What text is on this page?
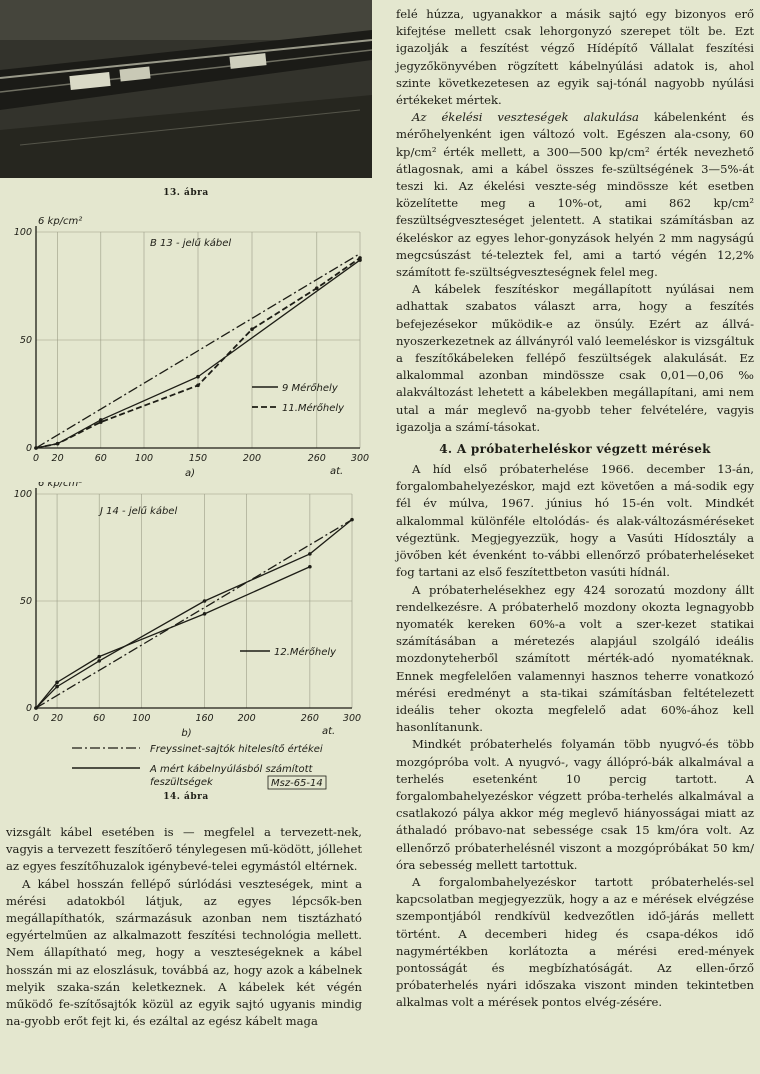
13. ábra
0 20	60	100	150	200	260	300
0
50
100
6 kp/cm²
at.
a)
B 13 - jelű kábel
9 Mérőhely
11.Mérőhely
0 20	60	100	160	200	260	300
0
50
100
6 kp/cm²
at.
b)
J 14 - jelű kábel
12.Mérőhely
Freyssinet-sajtók hitelesítő értékei
A mért kábelnyúlásból számított
feszültségek	Msz-65-14
14. ábra

vizsgált kábel esetében is — megfelel a tervezett-nek, vagyis a tervezett feszítőerő ténylegesen mű-ködött, jóllehet az egyes feszítőhuzalok igénybevé-telei egymástól eltérnek.

A kábel hosszán fellépő súrlódási veszteségek, mint a mérési adatokból látjuk, az egyes lépcsők-ben megállapíthatók, származásuk azonban nem tisztázható egyértelműen az alkalmazott feszítési technológia mellett. Nem állapítható meg, hogy a veszteségeknek a kábel hosszán mi az eloszlásuk, továbbá az, hogy azok a kábelnek melyik szaka-szán keletkeznek. A kábelek két végén működő fe-szítősajtók közül az egyik sajtó ugyanis mindig na-gyobb erőt fejt ki, és ezáltal az egész kábelt maga

felé húzza, ugyanakkor a másik sajtó egy bizonyos erő kifejtése mellett csak lehorgonyzó szerepet tölt be. Ezt igazolják a feszítést végző Hídépítő Vállalat feszítési jegyzőkönyvében rögzített kábelnyúlási adatok is, ahol szinte következetesen az egyik saj-tónál nagyobb nyúlási értékeket mértek.

Az ékelési veszteségek alakulása kábelenként és mérőhelyenként igen változó volt. Egészen ala-csony, 60 kp/cm² érték mellett, a 300—500 kp/cm² érték nevezhető átlagosnak, ami a kábel összes fe-szültségének 3—5%-át teszi ki. Az ékelési veszte-ség mindössze két esetben közelítette meg a 10%-ot, ami 862 kp/cm² feszültségveszteséget jelentett. A statikai számításban az ékeléskor az egyes lehor-gonyzások helyén 2 mm nagyságú megcsúszást té-teleztek fel, ami a tartó végén 12,2% számított fe-szültségveszteségnek felel meg.

A kábelek feszítéskor megállapított nyúlásai nem adhattak szabatos választ arra, hogy a feszítés befejezésekor működik-e az önsúly. Ezért az állvá-nyoszerkezetnek az állványról való leemeléskor is vizsgáltuk a feszítőkábeleken fellépő feszültségek alakulását. Ez alkalommal azonban mindössze csak 0,01—0,06 ‰ alakváltozást lehetett a kábelekben megállapítani, ami nem utal a már meglevő na-gyobb teher felvételére, vagyis igazolja a számí-tásokat.

4. A próbaterheléskor végzett mérések

A híd első próbaterhelése 1966. december 13-án, forgalombahelyezéskor, majd ezt követően a má-sodik egy fél év múlva, 1967. június hó 15-én volt. Mindkét alkalommal különféle eltolódás- és alak-változásméréseket végeztünk. Megjegyezzük, hogy a Vasúti Hídosztály a jövőben két évenként to-vábbi ellenőrző próbaterheléseket fog tartani az első feszítettbeton vasúti hídnál.

A próbaterhelésekhez egy 424 sorozatú mozdony állt rendelkezésre. A próbaterhelő mozdony okozta legnagyobb nyomaték kereken 60%-a volt a szer-kezet statikai számításában a méretezés alapjául szolgáló ideális mozdonyteherből számított mérték-adó nyomatéknak. Ennek megfelelően valamennyi hasznos teherre vonatkozó mérési eredményt a sta-tikai számításban feltételezett ideális teher okozta megfelelő adat 60%-ához kell hasonlítanunk.

Mindkét próbaterhelés folyamán több nyugvó-és több mozgópróba volt. A nyugvó-, vagy állópró-bák alkalmával a terhelés esetenként 10 percig tartott. A forgalombahelyezéskor végzett próba-terhelés alkalmával a csatlakozó pálya akkor még meglevő hiányosságai miatt az áthaladó próbavo-nat sebessége csak 15 km/óra volt. Az ellenőrző próbaterhelésnél viszont a mozgópróbákat 50 km/óra sebesség mellett tartottuk.

A forgalombahelyezéskor tartott próbaterhelés-sel kapcsolatban megjegyezzük, hogy a az e mérések elvégzése szempontjából rendkívül kedvezőtlen idő-járás mellett történt. A decemberi hideg és csapa-dékos idő nagymértékben korlátozta a mérési ered-mények pontosságát és megbízhatóságát. Az ellen-őrző próbaterhelés nyári időszaka viszont minden tekintetben alkalmas volt a mérések pontos elvég-zésére.
